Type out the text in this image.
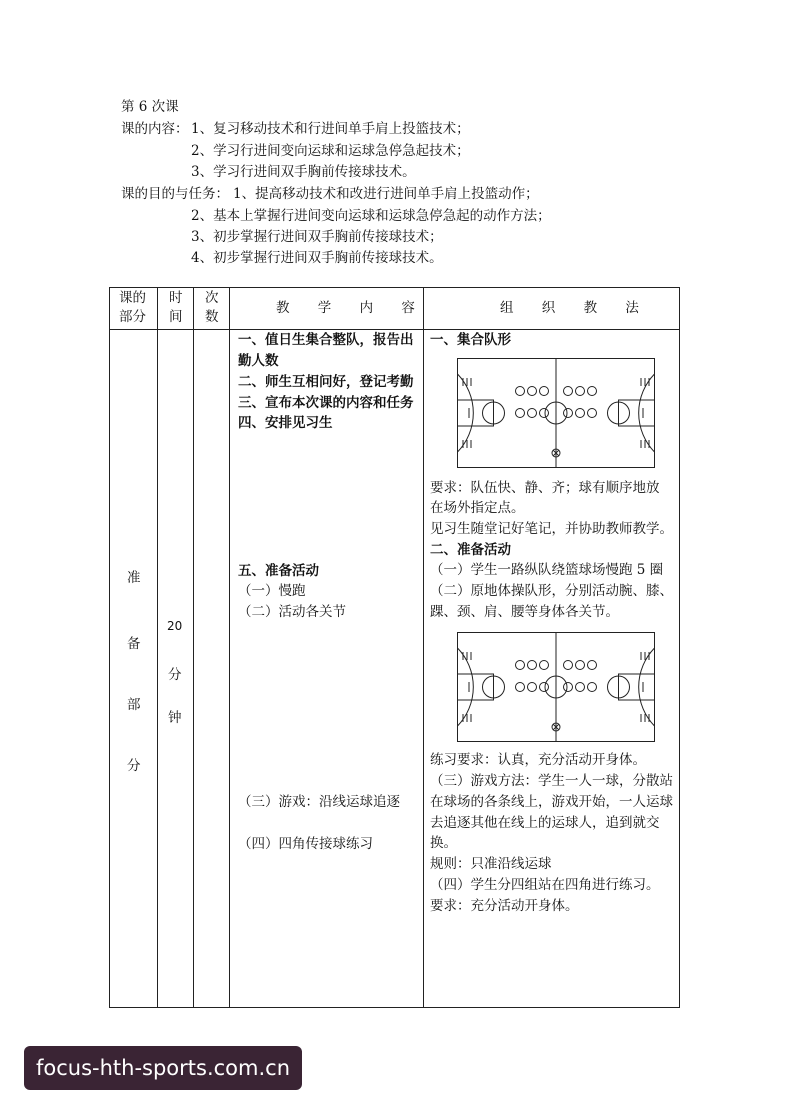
第 6 次课
课的内容： 1、复习移动技术和行进间单手肩上投篮技术；
2、学习行进间变向运球和运球急停急起技术；
3、学习行进间双手胸前传接球技术。
课的目的与任务： 1、提高移动技术和改进行进间单手肩上投篮动作；
2、基本上掌握行进间变向运球和运球急停急起的动作方法；
3、初步掌握行进间双手胸前传接球技术；
4、初步掌握行进间双手胸前传接球技术。
课的
部分
时
间
次
数
教 学 内 容	组 织 教 法
准
备
部
分
20
分
钟
一、值日生集合整队，报告出
勤人数
二、师生互相问好，登记考勤
三、宣布本次课的内容和任务
四、安排见习生
五、准备活动
（一）慢跑
（二）活动各关节
（三）游戏：沿线运球追逐
（四）四角传接球练习
一、集合队形
要求：队伍快、静、齐；球有顺序地放
在场外指定点。
见习生随堂记好笔记，并协助教师教学。
二、准备活动
（一）学生一路纵队绕篮球场慢跑 5 圈
（二）原地体操队形，分别活动腕、膝、
踝、颈、肩、腰等身体各关节。
练习要求：认真，充分活动开身体。
（三）游戏方法：学生一人一球，分散站
在球场的各条线上，游戏开始，一人运球
去追逐其他在线上的运球人，追到就交
换。
规则：只准沿线运球
（四）学生分四组站在四角进行练习。
要求：充分活动开身体。
focus-hth-sports.com.cn
